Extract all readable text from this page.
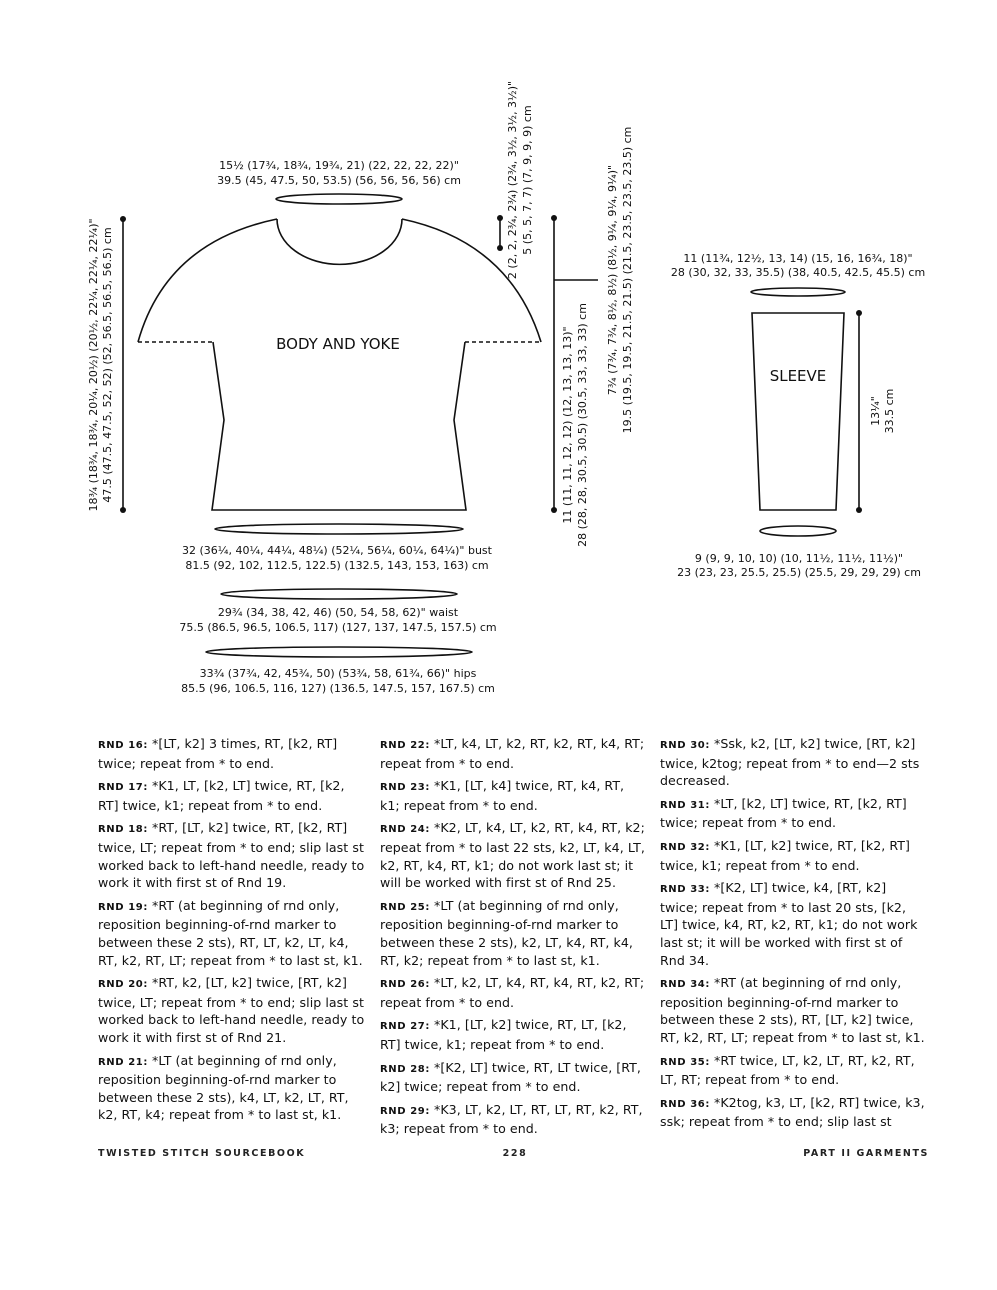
BODY AND YOKE
15½ (17¾, 18¾, 19¾, 21) (22, 22, 22, 22)"
39.5 (45, 47.5, 50, 53.5) (56, 56, 56, 56) cm
18¾ (18¾, 18¾, 20¼, 20½) (20½, 22¼, 22¼, 22¼)" 47.5 (47.5, 47.5, 52, 52) (52, 56.5, 56.5, 56.5) cm
2 (2, 2, 2¾, 2¾) (2¾, 3½, 3½, 3½)" 5 (5, 5, 7, 7) (7, 9, 9, 9) cm
11 (11, 11, 12, 12) (12, 13, 13, 13)" 28 (28, 28, 30.5, 30.5) (30.5, 33, 33, 33) cm
7¾ (7¾, 7¾, 8½, 8½) (8½, 9¼, 9¼, 9¼)" 19.5 (19.5, 19.5, 21.5, 21.5) (21.5, 23.5, 23.5, 23.5) cm
32 (36¼, 40¼, 44¼, 48¼) (52¼, 56¼, 60¼, 64¼)" bust
81.5 (92, 102, 112.5, 122.5) (132.5, 143, 153, 163) cm
29¾ (34, 38, 42, 46) (50, 54, 58, 62)" waist
75.5 (86.5, 96.5, 106.5, 117) (127, 137, 147.5, 157.5) cm
33¾ (37¾, 42, 45¾, 50) (53¾, 58, 61¾, 66)" hips
85.5 (96, 106.5, 116, 127) (136.5, 147.5, 157, 167.5) cm
11 (11¾, 12½, 13, 14) (15, 16, 16¾, 18)"
28 (30, 32, 33, 35.5) (38, 40.5, 42.5, 45.5) cm
SLEEVE
13¼" 33.5 cm
9 (9, 9, 10, 10) (10, 11½, 11½, 11½)"
23 (23, 23, 25.5, 25.5) (25.5, 29, 29, 29) cm

RND 16: *[LT, k2] 3 times, RT, [k2, RT] twice; repeat from * to end.

RND 17: *K1, LT, [k2, LT] twice, RT, [k2, RT] twice, k1; repeat from * to end.

RND 18: *RT, [LT, k2] twice, RT, [k2, RT] twice, LT; repeat from * to end; slip last st worked back to left-hand needle, ready to work it with first st of Rnd 19.

RND 19: *RT (at beginning of rnd only, reposition beginning-of-rnd marker to between these 2 sts), RT, LT, k2, LT, k4, RT, k2, RT, LT; repeat from * to last st, k1.

RND 20: *RT, k2, [LT, k2] twice, [RT, k2] twice, LT; repeat from * to end; slip last st worked back to left-hand needle, ready to work it with first st of Rnd 21.

RND 21: *LT (at beginning of rnd only, reposition beginning-of-rnd marker to between these 2 sts), k4, LT, k2, LT, RT, k2, RT, k4; repeat from * to last st, k1.

RND 22: *LT, k4, LT, k2, RT, k2, RT, k4, RT; repeat from * to end.

RND 23: *K1, [LT, k4] twice, RT, k4, RT, k1; repeat from * to end.

RND 24: *K2, LT, k4, LT, k2, RT, k4, RT, k2; repeat from * to last 22 sts, k2, LT, k4, LT, k2, RT, k4, RT, k1; do not work last st; it will be worked with first st of Rnd 25.

RND 25: *LT (at beginning of rnd only, reposition beginning-of-rnd marker to between these 2 sts), k2, LT, k4, RT, k4, RT, k2; repeat from * to last st, k1.

RND 26: *LT, k2, LT, k4, RT, k4, RT, k2, RT; repeat from * to end.

RND 27: *K1, [LT, k2] twice, RT, LT, [k2, RT] twice, k1; repeat from * to end.

RND 28: *[K2, LT] twice, RT, LT twice, [RT, k2] twice; repeat from * to end.

RND 29: *K3, LT, k2, LT, RT, LT, RT, k2, RT, k3; repeat from * to end.

RND 30: *Ssk, k2, [LT, k2] twice, [RT, k2] twice, k2tog; repeat from * to end—2 sts decreased.

RND 31: *LT, [k2, LT] twice, RT, [k2, RT] twice; repeat from * to end.

RND 32: *K1, [LT, k2] twice, RT, [k2, RT] twice, k1; repeat from * to end.

RND 33: *[K2, LT] twice, k4, [RT, k2] twice; repeat from * to last 20 sts, [k2, LT] twice, k4, RT, k2, RT, k1; do not work last st; it will be worked with first st of Rnd 34.

RND 34: *RT (at beginning of rnd only, reposition beginning-of-rnd marker to between these 2 sts), RT, [LT, k2] twice, RT, k2, RT, LT; repeat from * to last st, k1.

RND 35: *RT twice, LT, k2, LT, RT, k2, RT, LT, RT; repeat from * to end.

RND 36: *K2tog, k3, LT, [k2, RT] twice, k3, ssk; repeat from * to end; slip last st

TWISTED STITCH SOURCEBOOK	228	PART II GARMENTS
